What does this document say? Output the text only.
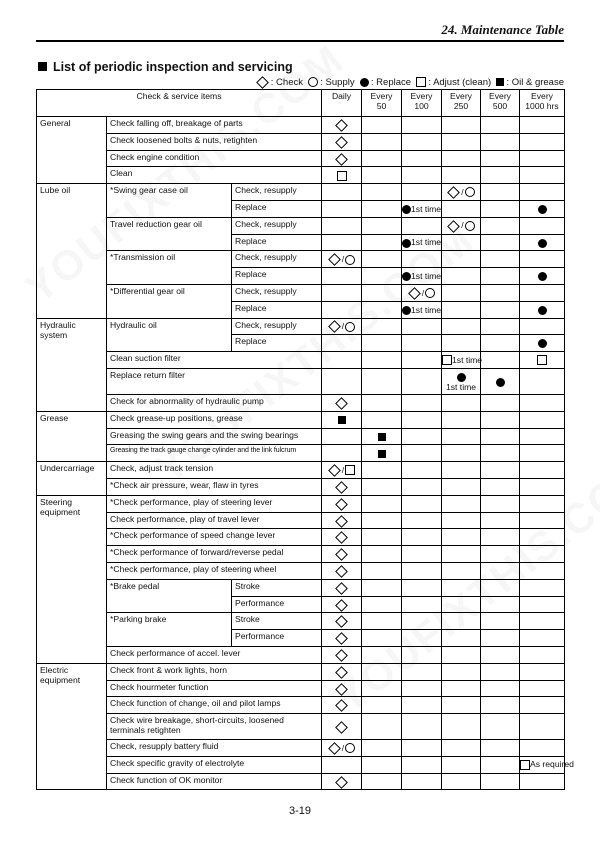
24. Maintenance Table
List of periodic inspection and servicing
: Check : Supply : Replace : Adjust (clean) : Oil & grease
Check & service items			Daily	Every 50	Every 100	Every 250	Every 500	Every 1000 hrs
General	Check falling off, breakage of parts							
	Check loosened bolts & nuts, retighten							
	Check engine condition							
	Clean							
Lube oil	*Swing gear case oil	Check, resupply				/		
		Replace			1st time			
	Travel reduction gear oil	Check, resupply				/		
		Replace			1st time			
	*Transmission oil	Check, resupply	/					
		Replace			1st time			
	*Differential gear oil	Check, resupply			/			
		Replace			1st time			
Hydraulic system	Hydraulic oil	Check, resupply	/					
		Replace						
	Clean suction filter					1st time		
	Replace return filter					1st time		
	Check for abnormality of hydraulic pump							
Grease	Check grease-up positions, grease							
	Greasing the swing gears and the swing bearings							
	Greasing the track gauge change cylinder and the link fulcrum							
Undercarriage	Check, adjust track tension		/					
	*Check air pressure, wear, flaw in tyres							
Steering equipment	*Check performance, play of steering lever							
	Check performance, play of travel lever							
	*Check performance of speed change lever							
	*Check performance of forward/reverse pedal							
	*Check performance, play of steering wheel							
	*Brake pedal	Stroke						
		Performance						
	*Parking brake	Stroke						
		Performance						
	Check performance of accel. lever							
Electric equipment	Check front & work lights, horn							
	Check hourmeter function							
	Check function of change, oil and pilot lamps							
	Check wire breakage, short-circuits, loosened terminals retighten							
	Check, resupply battery fluid		/					
	Check specific gravity of electrolyte							As required
	Check function of OK monitor							
3-19
